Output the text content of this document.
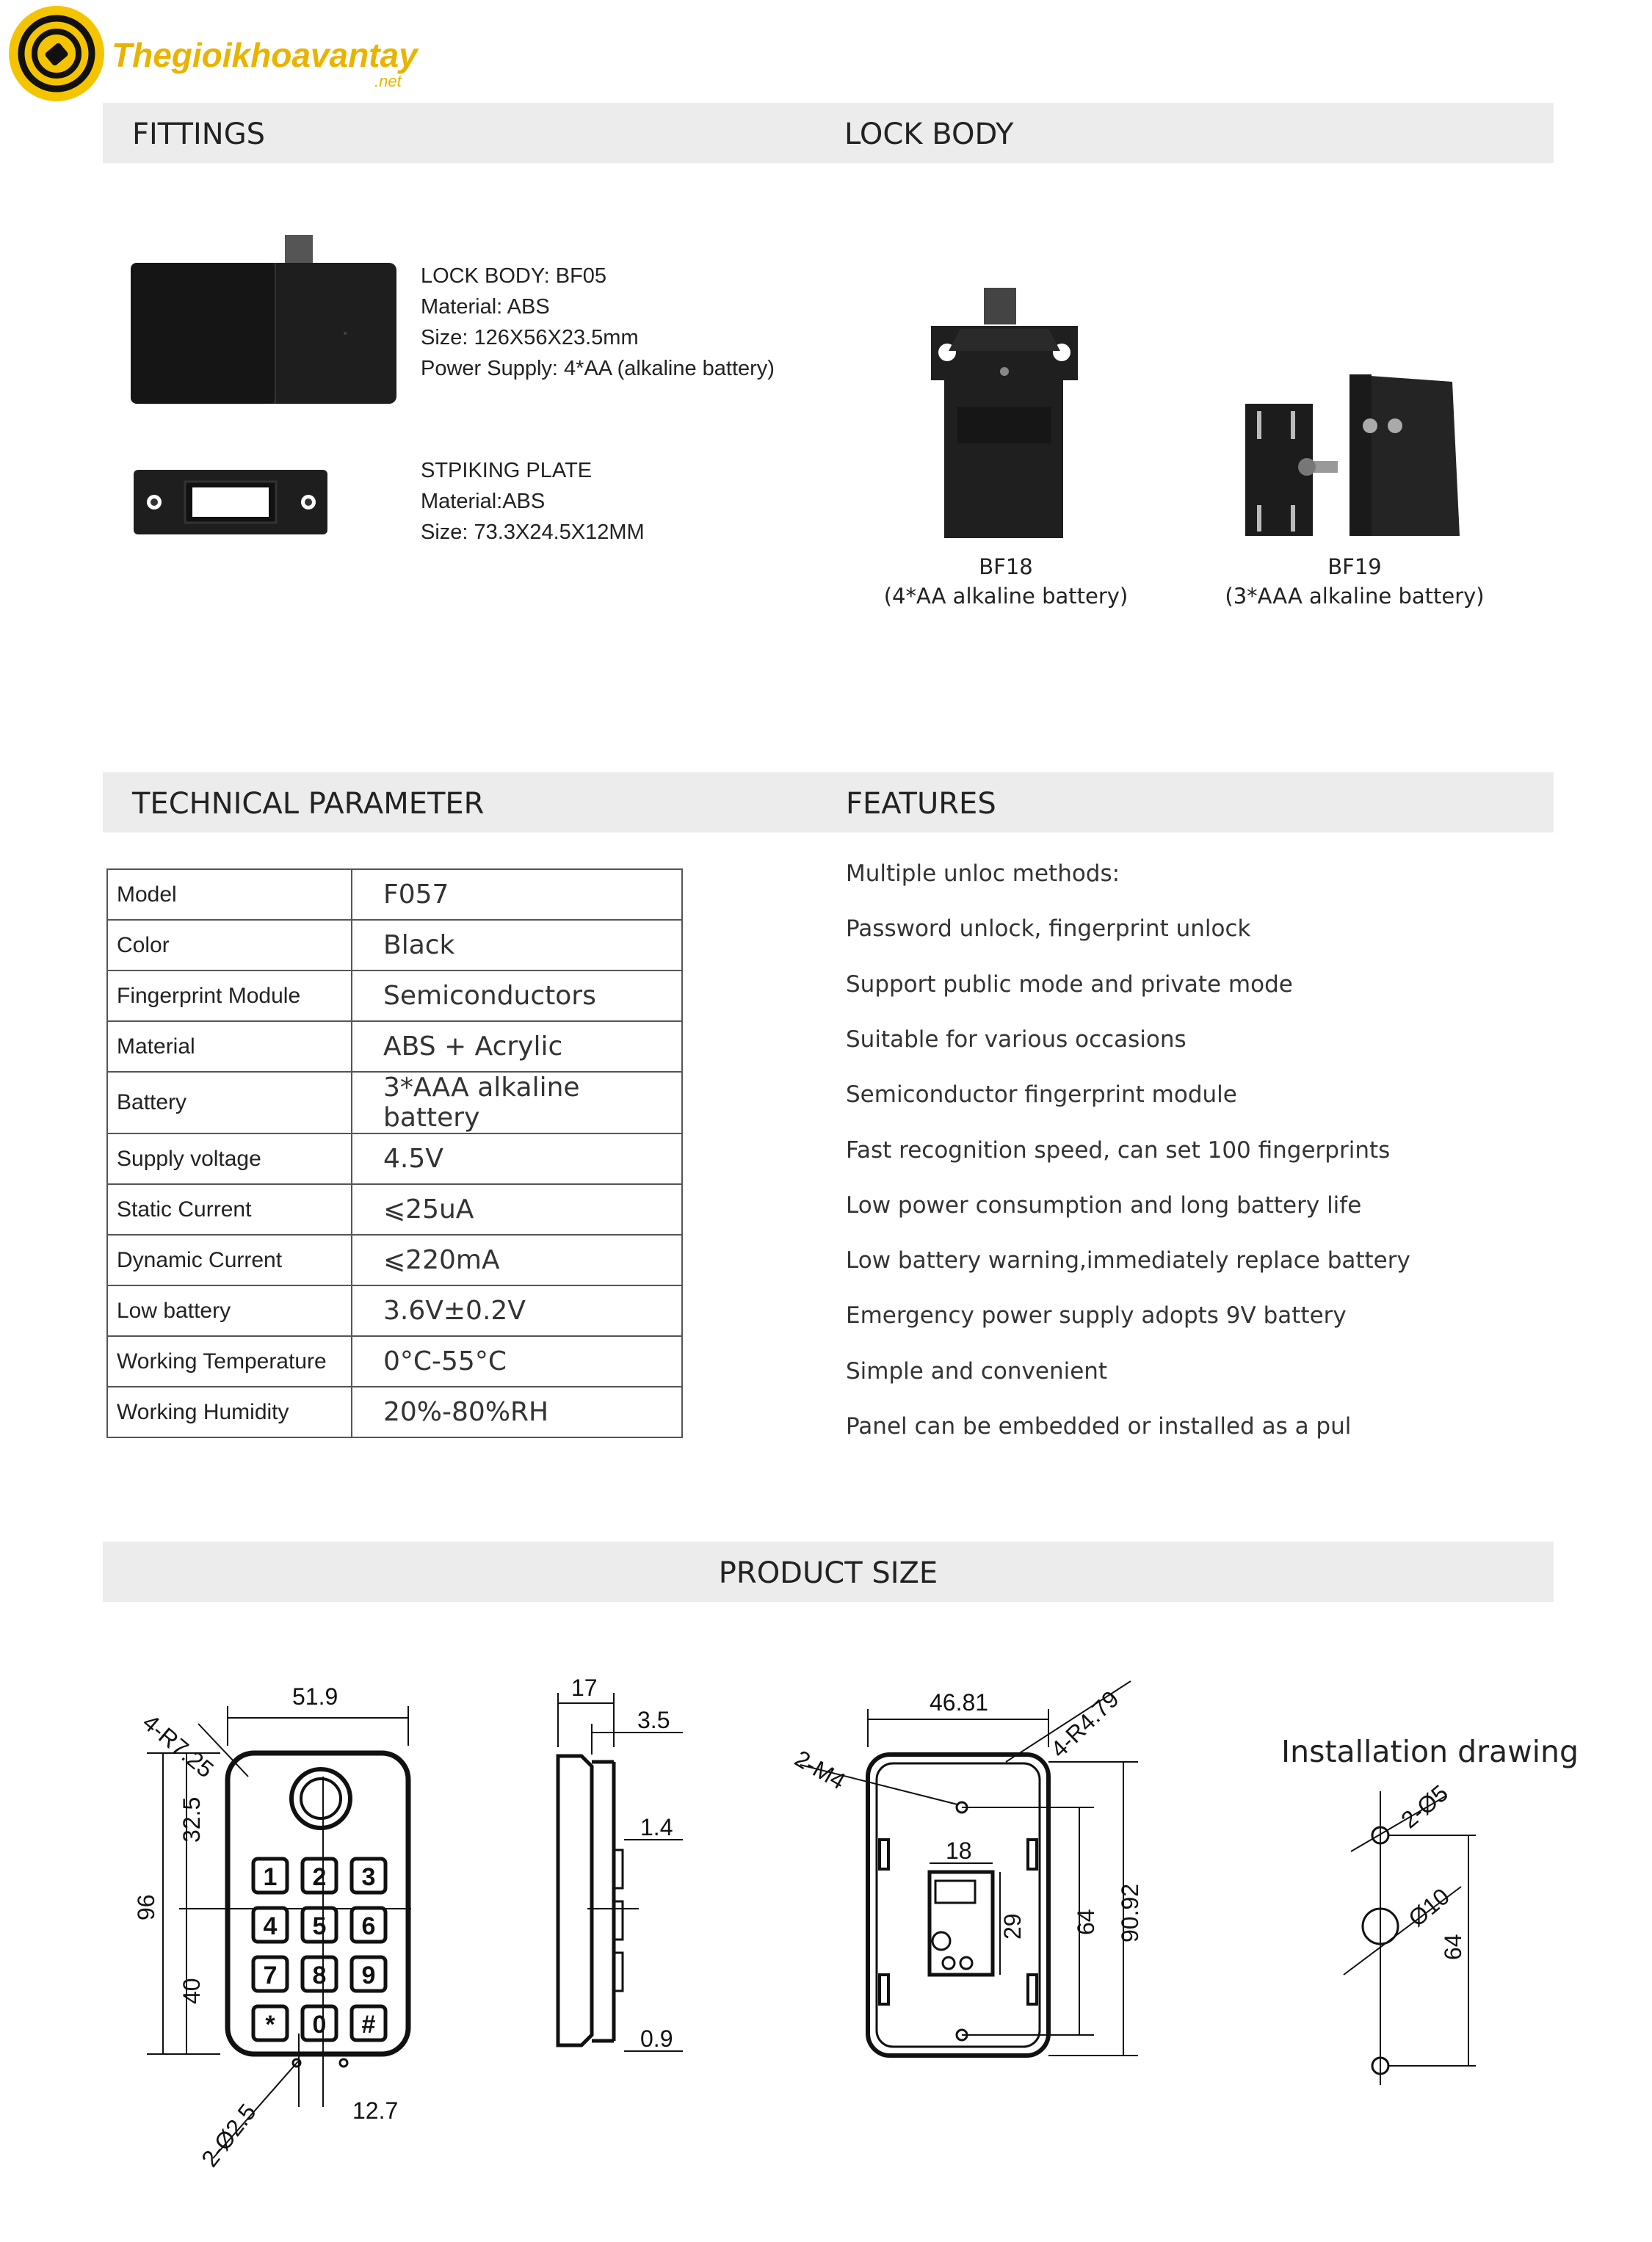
Thegioikhoavantay
.net
FITTINGS	LOCK BODY
LOCK BODY: BF05
Material: ABS
Size: 126X56X23.5mm
Power Supply: 4*AA (alkaline battery)
STPIKING PLATE
Material:ABS
Size: 73.3X24.5X12MM
BF18
(4*AA alkaline battery)
BF19
(3*AAA alkaline battery)
TECHNICAL PARAMETER	FEATURES
Model	F057
Color	Black
Fingerprint Module	Semiconductors
Material	ABS + Acrylic
Battery	3*AAA alkaline battery
Supply voltage	4.5V
Static Current	⩽25uA
Dynamic Current	⩽220mA
Low battery	3.6V±0.2V
Working Temperature	0°C-55°C
Working Humidity	20%-80%RH
Multiple unloc methods:
Password unlock, fingerprint unlock
Support public mode and private mode
Suitable for various occasions
Semiconductor fingerprint module
Fast recognition speed, can set 100 fingerprints
Low power consumption and long battery life
Low battery warning,immediately replace battery
Emergency power supply adopts 9V battery
Simple and convenient
Panel can be embedded or installed as a pul
PRODUCT SIZE
51.9
4-R7.25
96
32.5
40
2-Ø2.5	12.7
1 2 3
4 5 6
7 8 9
* 0 #
17
3.5
1.4
0.9
2-M4
46.81 4-R4.79
18
29 64 90.92
Installation drawing
2-Ø5
Ø10
64
